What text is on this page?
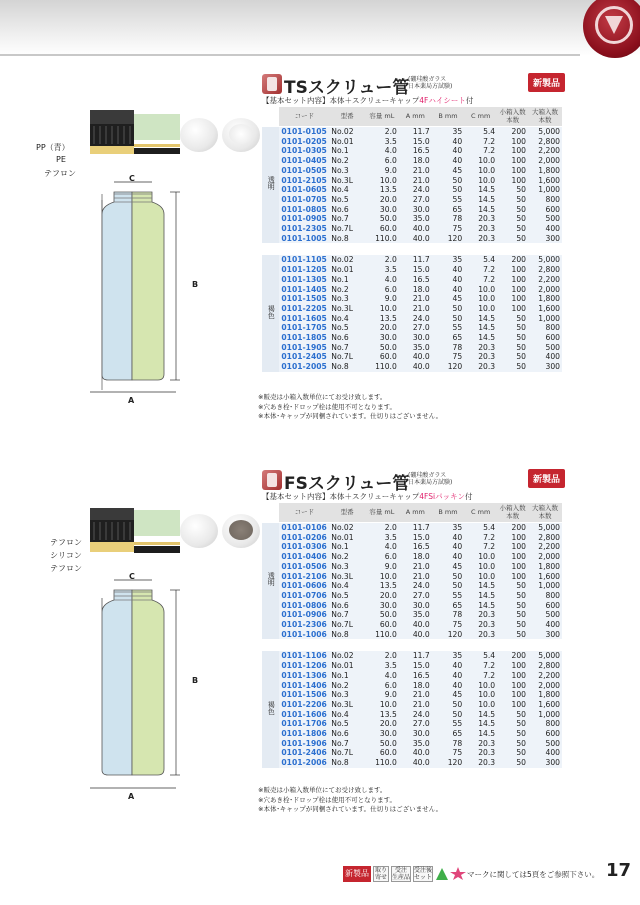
TSスクリュー管
(硼珪酸ガラス
日本薬局方試験)	新製品
【基本セット内容】本体＋スクリューキャップ4Fハイシート付
C
B
A
PP（青）
PE
テフロン
	コード	型番	容量 mL	A mm	B mm	C mm	小箱入数 本数	大箱入数 本数
透明	0101-0105	No.02	2.0	11.7	35	5.4	200	5,000
	0101-0205	No.01	3.5	15.0	40	7.2	100	2,800
	0101-0305	No.1	4.0	16.5	40	7.2	100	2,200
	0101-0405	No.2	6.0	18.0	40	10.0	100	2,000
	0101-0505	No.3	9.0	21.0	45	10.0	100	1,800
	0101-2105	No.3L	10.0	21.0	50	10.0	100	1,600
	0101-0605	No.4	13.5	24.0	50	14.5	50	1,000
	0101-0705	No.5	20.0	27.0	55	14.5	50	800
	0101-0805	No.6	30.0	30.0	65	14.5	50	600
	0101-0905	No.7	50.0	35.0	78	20.3	50	500
	0101-2305	No.7L	60.0	40.0	75	20.3	50	400
	0101-1005	No.8	110.0	40.0	120	20.3	50	300

褐色	0101-1105	No.02	2.0	11.7	35	5.4	200	5,000
	0101-1205	No.01	3.5	15.0	40	7.2	100	2,800
	0101-1305	No.1	4.0	16.5	40	7.2	100	2,200
	0101-1405	No.2	6.0	18.0	40	10.0	100	2,000
	0101-1505	No.3	9.0	21.0	45	10.0	100	1,800
	0101-2205	No.3L	10.0	21.0	50	10.0	100	1,600
	0101-1605	No.4	13.5	24.0	50	14.5	50	1,000
	0101-1705	No.5	20.0	27.0	55	14.5	50	800
	0101-1805	No.6	30.0	30.0	65	14.5	50	600
	0101-1905	No.7	50.0	35.0	78	20.3	50	500
	0101-2405	No.7L	60.0	40.0	75	20.3	50	400
	0101-2005	No.8	110.0	40.0	120	20.3	50	300
※販売は小箱入数単位にてお受け致します。
※穴あき栓･ドロップ栓は使用不可となります。
※本体･キャップが同梱されています。仕切りはございません。
FSスクリュー管
(硼珪酸ガラス
日本薬局方試験)	新製品
【基本セット内容】本体＋スクリューキャップ4FSiパッキン付
C
B
A
テフロン
シリコン
テフロン
	コード	型番	容量 mL	A mm	B mm	C mm	小箱入数 本数	大箱入数 本数
透明	0101-0106	No.02	2.0	11.7	35	5.4	200	5,000
	0101-0206	No.01	3.5	15.0	40	7.2	100	2,800
	0101-0306	No.1	4.0	16.5	40	7.2	100	2,200
	0101-0406	No.2	6.0	18.0	40	10.0	100	2,000
	0101-0506	No.3	9.0	21.0	45	10.0	100	1,800
	0101-2106	No.3L	10.0	21.0	50	10.0	100	1,600
	0101-0606	No.4	13.5	24.0	50	14.5	50	1,000
	0101-0706	No.5	20.0	27.0	55	14.5	50	800
	0101-0806	No.6	30.0	30.0	65	14.5	50	600
	0101-0906	No.7	50.0	35.0	78	20.3	50	500
	0101-2306	No.7L	60.0	40.0	75	20.3	50	400
	0101-1006	No.8	110.0	40.0	120	20.3	50	300

褐色	0101-1106	No.02	2.0	11.7	35	5.4	200	5,000
	0101-1206	No.01	3.5	15.0	40	7.2	100	2,800
	0101-1306	No.1	4.0	16.5	40	7.2	100	2,200
	0101-1406	No.2	6.0	18.0	40	10.0	100	2,000
	0101-1506	No.3	9.0	21.0	45	10.0	100	1,800
	0101-2206	No.3L	10.0	21.0	50	10.0	100	1,600
	0101-1606	No.4	13.5	24.0	50	14.5	50	1,000
	0101-1706	No.5	20.0	27.0	55	14.5	50	800
	0101-1806	No.6	30.0	30.0	65	14.5	50	600
	0101-1906	No.7	50.0	35.0	78	20.3	50	500
	0101-2406	No.7L	60.0	40.0	75	20.3	50	400
	0101-2006	No.8	110.0	40.0	120	20.3	50	300
※販売は小箱入数単位にてお受け致します。
※穴あき栓･ドロップ栓は使用不可となります。
※本体･キャップが同梱されています。仕切りはございません。
新製品 取り
寄せ
受注
生産品
受注後
セット	マークに関しては5頁をご参照下さい。 17
